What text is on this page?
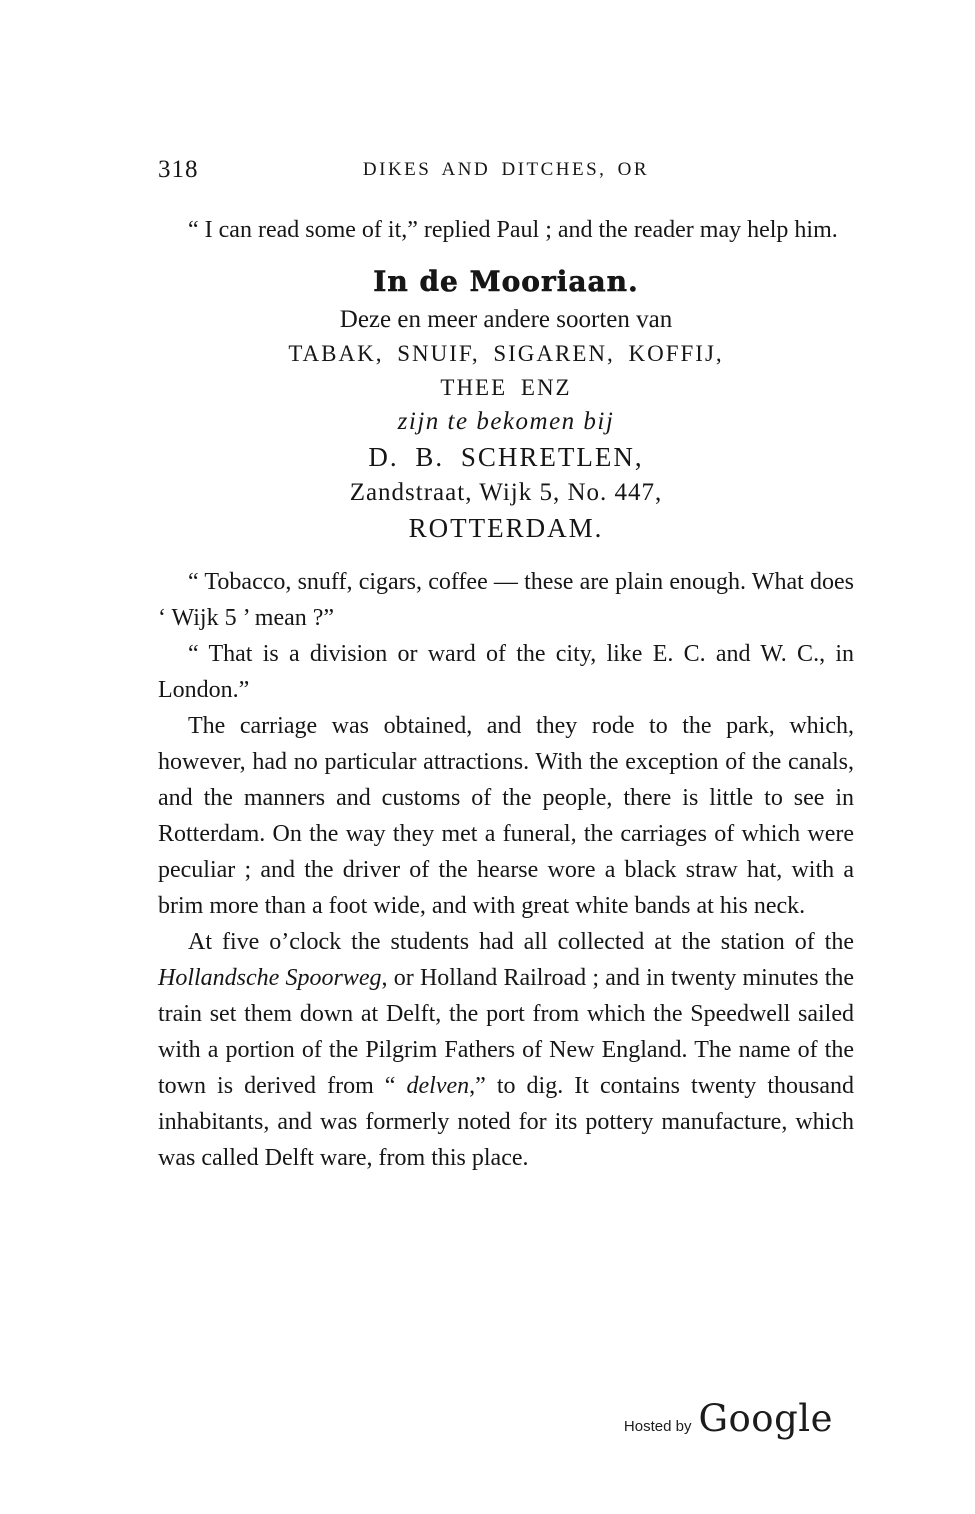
318	DIKES AND DITCHES, OR

“ I can read some of it,” replied Paul ; and the reader may help him.

In de Mooriaan.
Deze en meer andere soorten van
TABAK, SNUIF, SIGAREN, KOFFIJ,
THEE ENZ
zijn te bekomen bij
D. B. SCHRETLEN,
Zandstraat, Wijk 5, No. 447,
ROTTERDAM.

“ Tobacco, snuff, cigars, coffee — these are plain enough. What does ‘ Wijk 5 ’ mean ?”

“ That is a division or ward of the city, like E. C. and W. C., in London.”

The carriage was obtained, and they rode to the park, which, however, had no particular attractions. With the exception of the canals, and the manners and customs of the people, there is little to see in Rotterdam. On the way they met a funeral, the carriages of which were peculiar ; and the driver of the hearse wore a black straw hat, with a brim more than a foot wide, and with great white bands at his neck.

At five o’clock the students had all collected at the station of the Hollandsche Spoorweg, or Holland Railroad ; and in twenty minutes the train set them down at Delft, the port from which the Speedwell sailed with a portion of the Pilgrim Fathers of New England. The name of the town is derived from “ delven,” to dig. It contains twenty thousand inhabitants, and was formerly noted for its pottery manufacture, which was called Delft ware, from this place.

Hosted by Google
